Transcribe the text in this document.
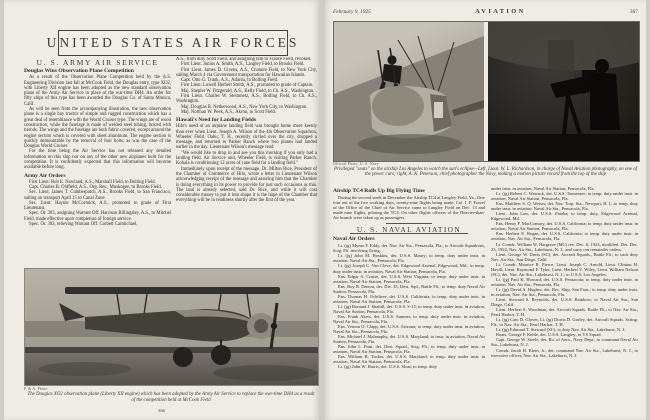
UNITED STATES AIR FORCES
U. S. ARMY AIR SERVICE
Douglas Wins Observation Plane Competition

As a result of the Observation Plane Competition held by the A.S. Engineering Division last fall at McCook Field, the Douglas entry, type XO2, with Liberty XII engine has been adopted as the new standard observation plane of the Army Air Service in place of the war-time DH4. An order for fifty ships of this type has been awarded the Douglas Co. of Santa Monica, Calif.

As will be seen from the accompanying illustration, the new observation plane is a single bay tractor of simple and rugged construction which has a great deal of resemblance with the World Cruiser type. The wings are of wood construction, while the fuselage is made of welded steel tubing, braced with tierods. The wings and the fuselage are both fabric covered, except around the engine section which is covered with sheet aluminum. The engine section is quickly demountable by the removal of four bolts, as was the case of the Douglas World Cruiser.

For the time being the Air Service has not released any detailed information on this ship nor on any of the other new airplanes built for the competition. It is confidently expected that this information will become available before long.

Army Air Orders

First Lieut. Bob E. Nowland, A.S., Marshall Field, to Bolling Field.

Capt. Charles B. Oldfield, A.S., Org. Res., Muskogee, to Brooks Field.

Sec. Lieut. James T. Cumberpatch, A.S., Brooks Field, to San Francisco, sailing on transport April 15 to Canal Zone.

Sec. Lieut. Haynie McCormick, A.S., promoted to grade of First Lieutenant.

Spec. Or. 303, assigning Warrant Off. Harrison Billingsley, A.S., to Mitchel Field, made effective upon completion of foreign service.

Spec. Or. 303, relieving Warrant Off. Corbett Carmichael,

A.S., from duty Scott Field, and assigning him to France Field, revoked.

First Lieut. Junius A. Smith, A.S., Langley Field, to Brooks Field.

First Lieut. James D. Givens, A.S., Chanute Field, to New York City, sailing March 4 via Government transportation for Hawaiian Islands.

Capt. Otto G. Trunk, A.S., Atlanta, to Bolling Field.

First Lieut. Lowell Herbert Smith, A.S., promoted to grade of Captain.

Maj. Shepler W. Fitzgerald, A.S., Kelly Field, to Ch. A.S., Washington.

First Lieut. Charles W. Steinmetz, A.S., Bolling Field, to Ch. A.S., Washington.

Maj. Douglas B. Netherwood, A.S., New York City, to Washington.

Maj. Norman W. Peek, A.S., Akron, to Scott Field.

Hawaii's Need for Landing Fields

Hilo's need of an airplane landing field was brought home more keenly than ever when Lieut. Joseph A. Wilson of the 4th Observation Squadron, Wheeler Field, Oahu, T. H., recently circled over the city, dropped a message, and returned to Parker Ranch where two planes had landed earlier in the day. Lieutenant Wilson's message read:

"We would like to drop in and see you this morning if you only had a landing field. Air Service unit, Wheeler Field, is visiting Parker Ranch. Kohala is conditioning 12 acres of cane field for a landing field."

Immediately upon receipt of the message, Dr. Milton Rice, President of the Chamber of Commerce of Hilo, wrote a letter to Lieutenant Wilson acknowledging receipt of the message and assuring him that the Chamber is doing everything in its power to provide for just such occasions as this. The land is already selected, said Dr. Rice, and while it will cost considerable money to put it into shape it is the hope of the Chamber that everything will be in readiness shortly after the first of the year.

P. & A. Photo
The Douglas XO2 observation plane (Liberty XII engine) which has been adopted by the Army Air Service to replace the war-time DH4 as a result of the competition held at McCook Field
366
February 9, 1925	AVIATION	367
Official Photo, U. S. Navy
Privileged "seats" on the airship Los Angeles to watch the sun's eclipse—Left, Lieut. W. L. Richardson, in charge of Naval Aviation photography, on one of the power cars; right, A. K. Peterson, chief photographer the Navy, making a motion picture record from the top of the ship
Airship TC4 Rolls Up Big Flying Time

During the second week in December the Airship TC4 at Langley Field, Va., flew four out of the five working days, twenty-nine flights being made. Col. I. F. Fravel of the Office of the Chief of Air Service came to Langley Field on Dec. 13 and made nine flights, piloting the TC4. On other flights officers of the Heavier-than-Air branch were taken up as passengers.

U. S. NAVAL AVIATION
Naval Air Orders

Lt. (jg) Mymo F. Eddy, det. Nav. Air Sta., Pensacola, Fla.; to Aircraft Squadrons, Sctg. Flt. involving flying.

Lt. (jg) John M. Hoskins, det. U.S.S. Maury; to temp. duty under instr. in aviation, Naval Air Sta., Pensacola, Fla.

Lt. (jg) Joseph C. Van Cleve, det. Edgewood Arsenal, Edgewood, Md.; to temp. duty under instr. in aviation, Naval Air Station, Pensacola, Fla.

Ens. Edgar A. Cruise, det. U.S.S. West Virginia; to temp. duty under instr. in aviation, Naval Air Station, Pensacola, Fla.

Ens. Roy B. Darron, det. Div. 35, Dest. Sqd., Battle Flt.; to temp. duty Naval Air Station, Pensacola, Fla.

Ens. Thomas H. Ochiltree, det. U.S.S. California; to temp. duty under instr. in aviation, Naval Air Station, Pensacola, Fla.

Lt. (jg) Bernard J. Skahill, det. U.S.S. S-15; to temp. duty under instr. in aviation, Naval Air Station, Pensacola, Fla.

Ens. Frank Akers, det. U.S.S. Sumner; to temp. duty under instr. in aviation, Naval Air Sta., Pensacola, Fla.

Ens. Vernon O. Clapp, det. U.S.S. Arizona; to temp. duty under instr. in aviation, Naval Air Sta., Pensacola, Fla.

Ens. Michael J. Malanaphy, det. U.S.S. Maryland; to instr. in aviation, Naval Air Station, Pensacola, Fla.

Ens. John L. Pratt, det. Dest. Squad., Sctg. Flt.; to temp. duty under instr. in aviation, Naval Air Station, Pensacola, Fla.

Ens. William B. Tucker, det. U.S.S. Maryland; to temp. duty under instr. in aviation, Naval Air Station, Pensacola, Fla.

Lt. (jg) John W. Harris, det. U.S.S. Sloat; to temp. duty

under instr. in aviation, Naval Air Station, Pensacola, Fla.

Lt. (jg) Robert C. Warrack, det. U.S.S. Tennessee; to temp. duty under instr. in aviation, Naval Air Station, Pensacola, Fla.

Ens. Matthew S. Q. Weiser, det. Nav. Torp. Sta., Newport, R. I.; to temp. duty under instr. in aviation, Naval Air Sta., Pensacola, Fla.

Lieut. John Law, det. U.S.S. Patoka; to temp. duty, Edgewood Arsenal, Edgewood, Md.

Ens. Henry F. MacComsey, det. U.S.S. California; to temp. duty under instr. in aviation, Naval Air Station, Pensacola, Fla.

Ens. Herbert E. Regan, det. U.S.S. California; to temp. duty under instr. in aviation, Nav. Air Sta., Pensacola, Fla.

Lt. Comdr. William W. Hargrave (MC) rev. Dec. 6, 1924, modified. Det. Dec. 23, 1924, Nav. Air Sta., Lakehurst, N. J., and carry out remainder orders.

Lieut. George W. Davis (SC), det. Aircraft Squads., Battle Flt.; to such duty Nav. Air Sta., San Diego, Calif.

Lt. Comdr. Maurice R. Pierce, Lieut. Joseph C. Arnold, Lieut. Clinton H. Havill, Lieut. Raymond F. Tyler, Lieut. Herbert V. Wiley, Lieut. William Nelson (SC), det. Nav. Air Sta., Lakehurst, N. J.; to U.S.S. Los Angeles.

Lt. (jg) Paul K. Howard, det. U.S.S. Pensacola; to temp. duty under instr. in aviation, Nav. Air Sta., Pensacola, Fla.

Lt. (jg) David A. Hughes, det. Rec. Ship, San Fran.; to temp. duty under instr. in aviation, Nav. Air Sta., Pensacola, Fla.

Lieut. Steward S. Reynolds, det. U.S.S. Rainbow; to Naval Air Sta., San Diego, Calif.

Lieut. Herbert S. Woodman, det. Aircraft Squads. Battle Flt.; to Nav. Air Sta., Pearl Harbor, T. H.

Lt. (jg) Cato D. Glover, Lt. (jg) Dorris D. Gurley, det. Aircraft Squads. Scting. Flt.; to Nav. Air Sta., Pearl Harbor, T. H.

Lt. (jg) Edmund T. Steward (SC), to duty Nav. Air Sta., Lakehurst, N. J.

Boats. George F. Kehle, det. U.S.S. Langley; to VS Squad.

Capt. George W. Steele, det. Bu. of Aero., Navy Dept.; to command Naval Air Sta., Lakehurst, N. J.

Comdr. Jacob H. Klein, Jr., det. command Nav. Air Sta., Lakehurst, N. J., to executive officer, Nav. Air Sta., Lakehurst, N. J.
